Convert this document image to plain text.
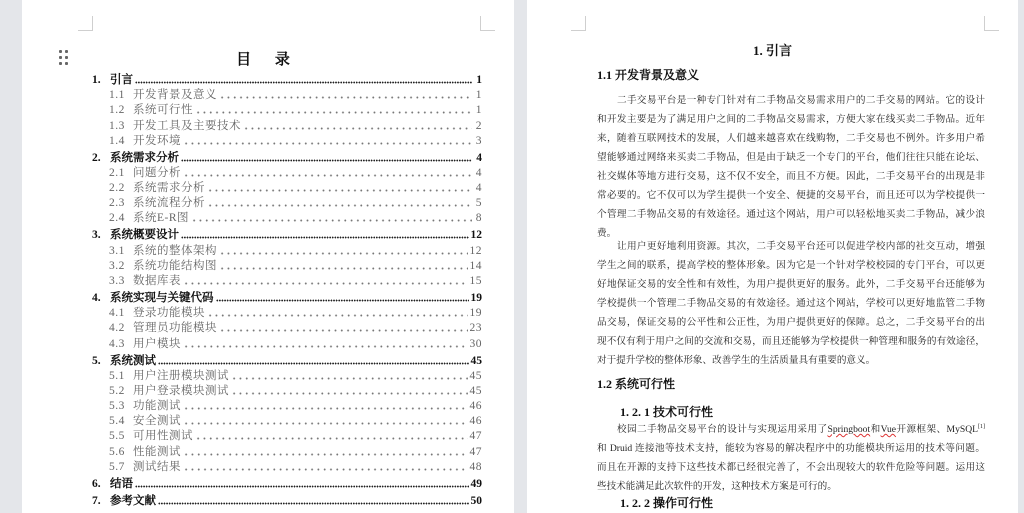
目 录
1. 引言	1
1.1 开发背景及意义	1
1.2 系统可行性	1
1.3 开发工具及主要技术	2
1.4 开发环境	3
2. 系统需求分析	4
2.1 问题分析	4
2.2 系统需求分析	4
2.3 系统流程分析	5
2.4 系统E-R图	8
3. 系统概要设计	12
3.1 系统的整体架构	12
3.2 系统功能结构图	14
3.3 数据库表	15
4. 系统实现与关键代码	19
4.1 登录功能模块	19
4.2 管理员功能模块	23
4.3 用户模块	30
5. 系统测试	45
5.1 用户注册模块测试	45
5.2 用户登录模块测试	45
5.3 功能测试	46
5.4 安全测试	46
5.5 可用性测试	47
5.6 性能测试	47
5.7 测试结果	48
6. 结语	49
7. 参考文献	50
1. 引言
1.1 开发背景及意义
二手交易平台是一种专门针对有二手物品交易需求用户的二手交易的网站。它的设计
和开发主要是为了满足用户之间的二手物品交易需求，方便大家在线买卖二手物品。近年
来，随着互联网技术的发展，人们越来越喜欢在线购物，二手交易也不例外。许多用户希
望能够通过网络来买卖二手物品，但是由于缺乏一个专门的平台，他们往往只能在论坛、
社交媒体等地方进行交易，这不仅不安全，而且不方便。因此，二手交易平台的出现是非
常必要的。它不仅可以为学生提供一个安全、便捷的交易平台，而且还可以为学校提供一
个管理二手物品交易的有效途径。通过这个网站，用户可以轻松地买卖二手物品，减少浪
费。
让用户更好地利用资源。其次，二手交易平台还可以促进学校内部的社交互动，增强
学生之间的联系，提高学校的整体形象。因为它是一个针对学校校园的专门平台，可以更
好地保证交易的安全性和有效性，为用户提供更好的服务。此外，二手交易平台还能够为
学校提供一个管理二手物品交易的有效途径。通过这个网站，学校可以更好地监管二手物
品交易，保证交易的公平性和公正性，为用户提供更好的保障。总之，二手交易平台的出
现不仅有利于用户之间的交流和交易，而且还能够为学校提供一种管理和服务的有效途径，
对于提升学校的整体形象、改善学生的生活质量具有重要的意义。
1.2 系统可行性
1. 2. 1 技术可行性
校园二手物品交易平台的设计与实现运用采用了Springboot和Vue开源框架、MySQL[1]
和 Druid 连接池等技术支持，能较为容易的解决程序中的功能模块所运用的技术等问题。
而且在开源的支持下这些技术都已经很完善了，不会出现较大的软件危险等问题。运用这
些技术能满足此次软件的开发，这种技术方案是可行的。
1. 2. 2 操作可行性
